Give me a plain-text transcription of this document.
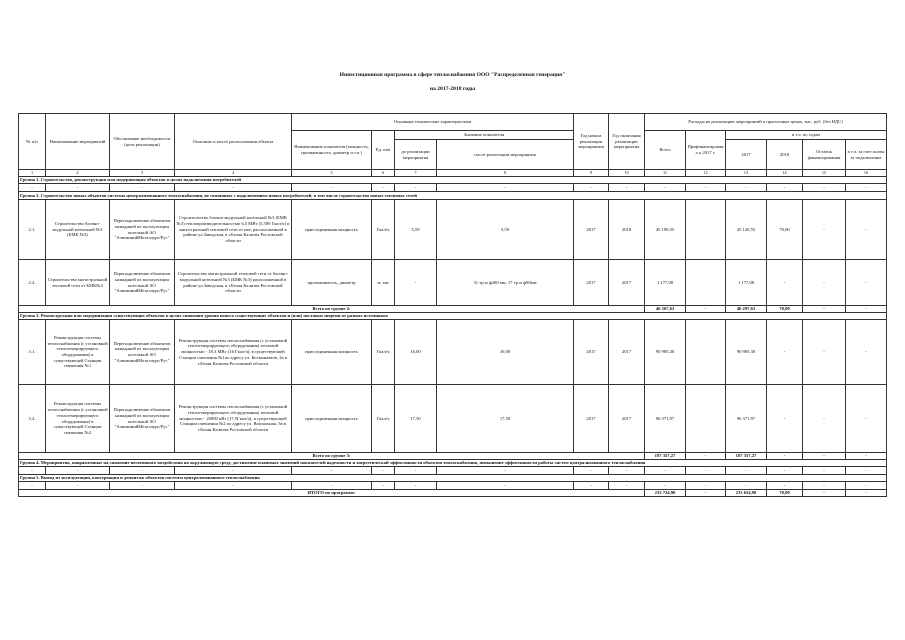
Инвестиционная программа в сфере теплоснабжения ООО "Распределенная генерация"
на 2017-2018 годы
№ п/п	Наименование мероприятий	Обоснование необходимости (цель реализации)	Описание и место расположения объекта	Основные технические характеристики				Год начала реализации мероприятия	Год окончания реализации мероприятия	Расходы на реализацию мероприятий в прогнозных ценах, тыс. руб. (без НДС)					
				Наименование показателя (мощность, протяженность, диаметр и т.п.)	Ед. изм	Значение показателя				Всего	Профинансировано к 2017 г.	в т.ч. по годам			
						до реализации мероприятия	после реализации мероприятия					2017	2018	Остаток финансирования	в т.ч. за счет платы за подключение
1	2	3	4	5	6	7	8	9	10	11	12	13	14	15	16
Группа 1. Строительство, реконструкция или модернизация объектов в целях подключения потребителей															
-	-	-	-	-	-	-	-	-	-	-	-	-	-	-	-
Группа 2. Строительство новых объектов системы централизованного теплоснабжения, не связанных с подключением новых потребителей, в том числе строительство новых тепловых сетей															
2.1.	Строительство блочно-модульной котельной №3 (БМК №3)	Переподключение абонентов наиаднней из эксплуатации котельной АО "АлюминийМеталлург/Рус"	Строительство блочно-модульной котельной №3 (БМК №3) теплопроизводительностью 6,5 МВт (5,589 Гкал/ч) и магистральной тепловой сети от нее, расположенной в районе ул.Заводская, в г.Белая Калитва Ростовской области	присоединенная мощность	Гкал/ч	5,59	5,59	2017	2018	45 190,55		45 120,55	70,00	-	-
2.2.	Строительство магистральной тепловой сети от БМК№3	Переподключение абонентов наиаднней из эксплуатации котельной АО "АлюминийМеталлург/Рус"	Строительство магистральной тепловой сети от блочно-модульной котельной №3 (БМК №3) расположенной в районе ул.Заводская, в г.Белая Калитва Ростовской области	протяженность, диаметр	м, мм	-	31 тр.м ф200 мм, 17 тр.м ф80мм	2017	2017	1 177,08		1 177,08	-	-	-
Всего по группе 2:										46 367,63	-	46 297,63	70,00	-	-
Группа 3. Реконструкция или модернизация существующих объектов в целях снижения уровня износа существующих объектов и (или) поставки энергии от разных источников															
3.1.	Реконструкция системы теплоснабжения (с установкой теплогенерирующего оборудования) в существующей Станции смешения №1	Переподключение абонентов наиаднней из эксплуатации котельной АО "АлюминийМеталлург/Рус"	Реконструкция системы теплоснабжения (с установкой теплогенерирующего оборудования) тепловой мощностью - 18,3 МВт (16 Гкал/ч), в существующей Станции смешения №1по адресу ул. Космонавтов, 2а в г.Белая Калитва Ростовской области	присоединенная мощность	Гкал/ч	16,00	16,00	2017	2017	90 985,30		90 985,30	-	-	-
3.2.	Реконструкция системы теплоснабжения (с установкой теплогенерирующего оборудования) в существующей Станции смешения №2	Переподключение абонентов наиаднней из эксплуатации котельной АО "АлюминийМеталлург/Рус"	Реконструкция системы теплоснабжения (с установкой теплогенерирующего оборудования) тепловой мощностью - 20000 кВт (17,5Гкал/ч), в существующей Станции смешения №2 по адресу ул. Вокзальная, 3в в г.Белая Калитва Ростовской области	присоединенная мощность	Гкал/ч	17,50	17,50	2017	2017	96 371,97		96 371,97	-	-	-
Всего по группе 3:										187 357,27	-	187 357,27	-	-	-
Группа 4. Мероприятия, направленные на снижение негативного воздействия на окружающую среду, достижение плановых значений показателей надежности и энергетической эффективности объектов теплоснабжения, повышение эффективности работы систем централизованного теплоснабжения															
-	-	-	-	-	-	-	-	-	-	-	-	-	-	-	-
Группа 5. Вывод из эксплуатации, консервация и демонтаж объектов системы централизованного теплоснабжения															
-	-	-	-	-	-	-	-	-	-	-	-	-	-	-	-
ИТОГО по программе:										233 724,90	-	233 654,90	70,00	-	-
